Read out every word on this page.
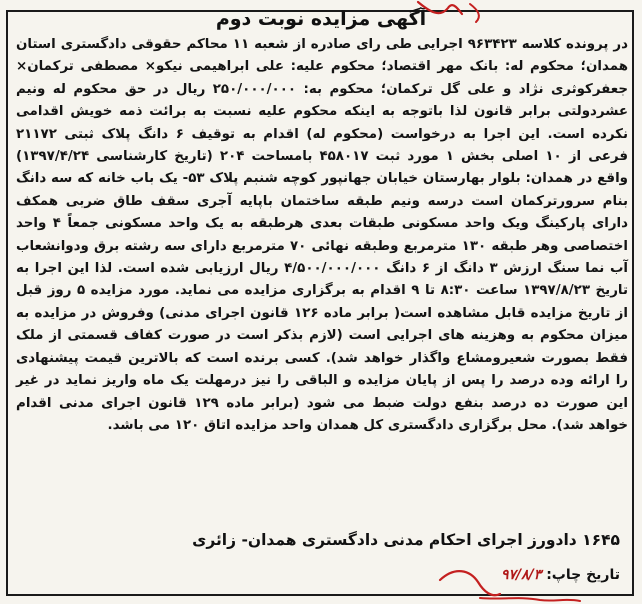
آگهی مزایده نوبت دوم
در پرونده کلاسه ۹۶۳۴۲۳ اجرایی طی رای صادره از شعبه ۱۱ محاکم حقوقی دادگستری استان همدان؛ محکوم له: بانک مهر اقتصاد؛ محکوم علیه: علی ابراهیمی نیکو× مصطفی ترکمان× جعفرکوثری نژاد و علی گل ترکمان؛ محکوم به: ۲۵۰/۰۰۰/۰۰۰ ریال در حق محکوم له ونیم عشردولتی برابر قانون لذا باتوجه به اینکه محکوم علیه نسبت به برائت ذمه خویش اقدامی نکرده است. این اجرا به درخواست (محکوم له) اقدام به توقیف ۶ دانگ پلاک ثبتی ۲۱۱۷۲ فرعی از ۱۰ اصلی بخش ۱ مورد ثبت ۴۵۸۰۱۷ بامساحت ۲۰۴ (تاریخ کارشناسی ۱۳۹۷/۴/۲۴) واقع در همدان: بلوار بهارستان خیابان جهانپور کوچه شنبم پلاک ۵۳- یک باب خانه که سه دانگ بنام سرورترکمان است درسه ونیم طبقه ساختمان باپایه آجری سقف طاق ضربی همکف دارای پارکینگ ویک واحد مسکونی طبقات بعدی هرطبقه به یک واحد مسکونی جمعاً ۴ واحد اختصاصی وهر طبقه ۱۳۰ مترمربع وطبقه نهائی ۷۰ مترمربع دارای سه رشته برق ودوانشعاب آب نما سنگ ارزش ۳ دانگ از ۶ دانگ ۴/۵۰۰/۰۰۰/۰۰۰ ریال ارزیابی شده است. لذا این اجرا به تاریخ ۱۳۹۷/۸/۲۳ ساعت ۸:۳۰ تا ۹ اقدام به برگزاری مزایده می نماید. مورد مزایده ۵ روز قبل از تاریخ مزایده قابل مشاهده است( برابر ماده ۱۲۶ قانون اجرای مدنی) وفروش در مزایده به میزان محکوم به وهزینه های اجرایی است (لازم بذکر است در صورت کفاف قسمتی از ملک فقط بصورت شعیرومشاع واگذار خواهد شد). کسی برنده است که بالاترین قیمت پیشنهادی را ارائه وده درصد را پس از پایان مزایده و الباقی را نیز درمهلت یک ماه واریز نماید در غیر این صورت ده درصد بنفع دولت ضبط می شود (برابر ماده ۱۲۹ قانون اجرای مدنی اقدام خواهد شد). محل برگزاری دادگستری کل همدان واحد مزایده اتاق ۱۲۰ می باشد.
۱۶۴۵ دادورز اجرای احکام مدنی دادگستری همدان- زائری
تاریخ چاپ: ۹۷/۸/۳
